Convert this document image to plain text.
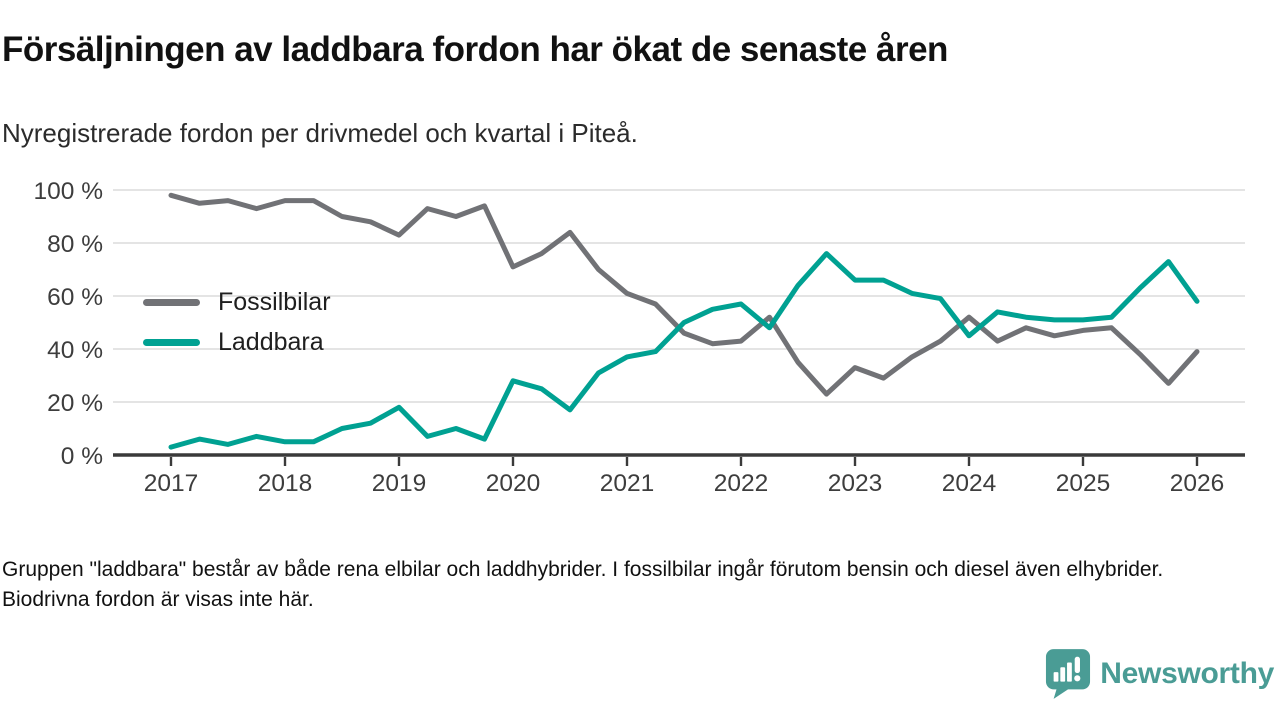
Försäljningen av laddbara fordon har ökat de senaste åren

Nyregistrerade fordon per drivmedel och kvartal i Piteå.

0 %
20 %
40 %
60 %
80 %
100 %
2017 2018 2019 2020 2021 2022 2023 2024 2025 2026
Fossilbilar
Laddbara

Gruppen "laddbara" består av både rena elbilar och laddhybrider. I fossilbilar ingår förutom bensin och diesel även elhybrider. Biodrivna fordon är visas inte här.

Newsworthy
